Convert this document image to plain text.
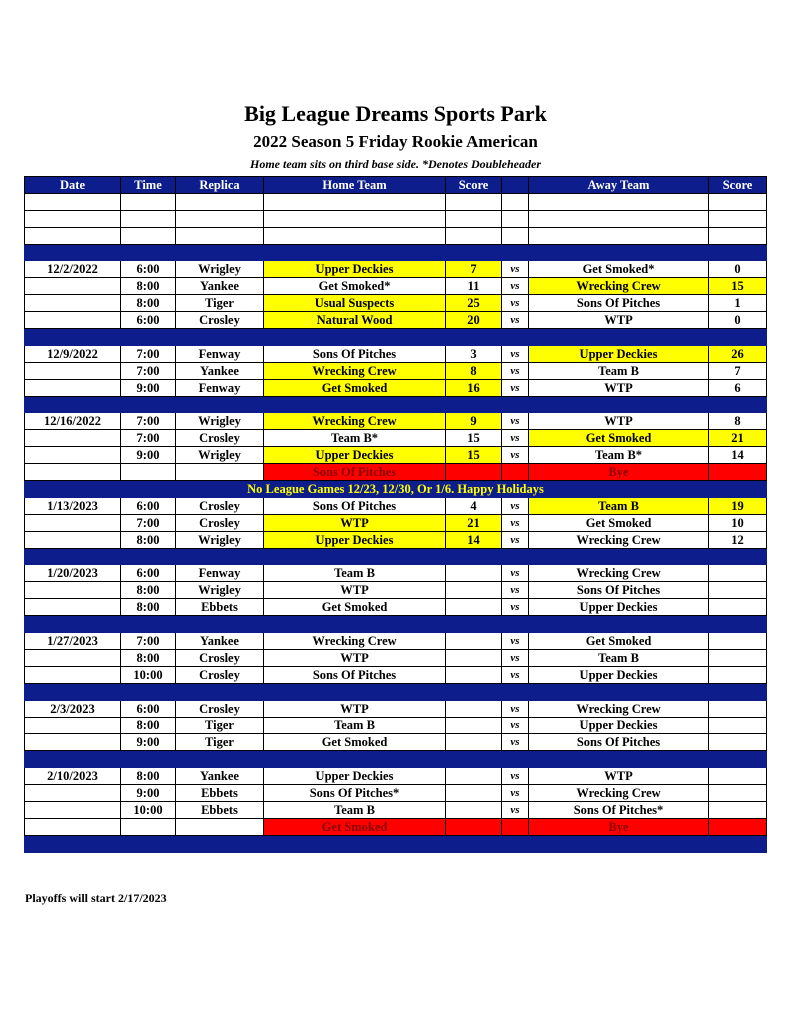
Big League Dreams Sports Park
2022 Season 5 Friday Rookie American
Home team sits on third base side. *Denotes Doubleheader
Date	Time	Replica	Home Team	Score		Away Team	Score

12/2/2022	6:00	Wrigley	Upper Deckies	7	vs	Get Smoked*	0
	8:00	Yankee	Get Smoked*	11	vs	Wrecking Crew	15
	8:00	Tiger	Usual Suspects	25	vs	Sons Of Pitches	1
	6:00	Crosley	Natural Wood	20	vs	WTP	0

12/9/2022	7:00	Fenway	Sons Of Pitches	3	vs	Upper Deckies	26
	7:00	Yankee	Wrecking Crew	8	vs	Team B	7
	9:00	Fenway	Get Smoked	16	vs	WTP	6

12/16/2022	7:00	Wrigley	Wrecking Crew	9	vs	WTP	8
	7:00	Crosley	Team B*	15	vs	Get Smoked	21
	9:00	Wrigley	Upper Deckies	15	vs	Team B*	14
			Sons Of Pitches			Bye	
No League Games 12/23, 12/30, Or 1/6. Happy Holidays							
1/13/2023	6:00	Crosley	Sons Of Pitches	4	vs	Team B	19
	7:00	Crosley	WTP	21	vs	Get Smoked	10
	8:00	Wrigley	Upper Deckies	14	vs	Wrecking Crew	12

1/20/2023	6:00	Fenway	Team B		vs	Wrecking Crew	
	8:00	Wrigley	WTP		vs	Sons Of Pitches	
	8:00	Ebbets	Get Smoked		vs	Upper Deckies	

1/27/2023	7:00	Yankee	Wrecking Crew		vs	Get Smoked	
	8:00	Crosley	WTP		vs	Team B	
	10:00	Crosley	Sons Of Pitches		vs	Upper Deckies	

2/3/2023	6:00	Crosley	WTP		vs	Wrecking Crew	
	8:00	Tiger	Team B		vs	Upper Deckies	
	9:00	Tiger	Get Smoked		vs	Sons Of Pitches	

2/10/2023	8:00	Yankee	Upper Deckies		vs	WTP	
	9:00	Ebbets	Sons Of Pitches*		vs	Wrecking Crew	
	10:00	Ebbets	Team B		vs	Sons Of Pitches*	
			Get Smoked			Bye	

Playoffs will start 2/17/2023
